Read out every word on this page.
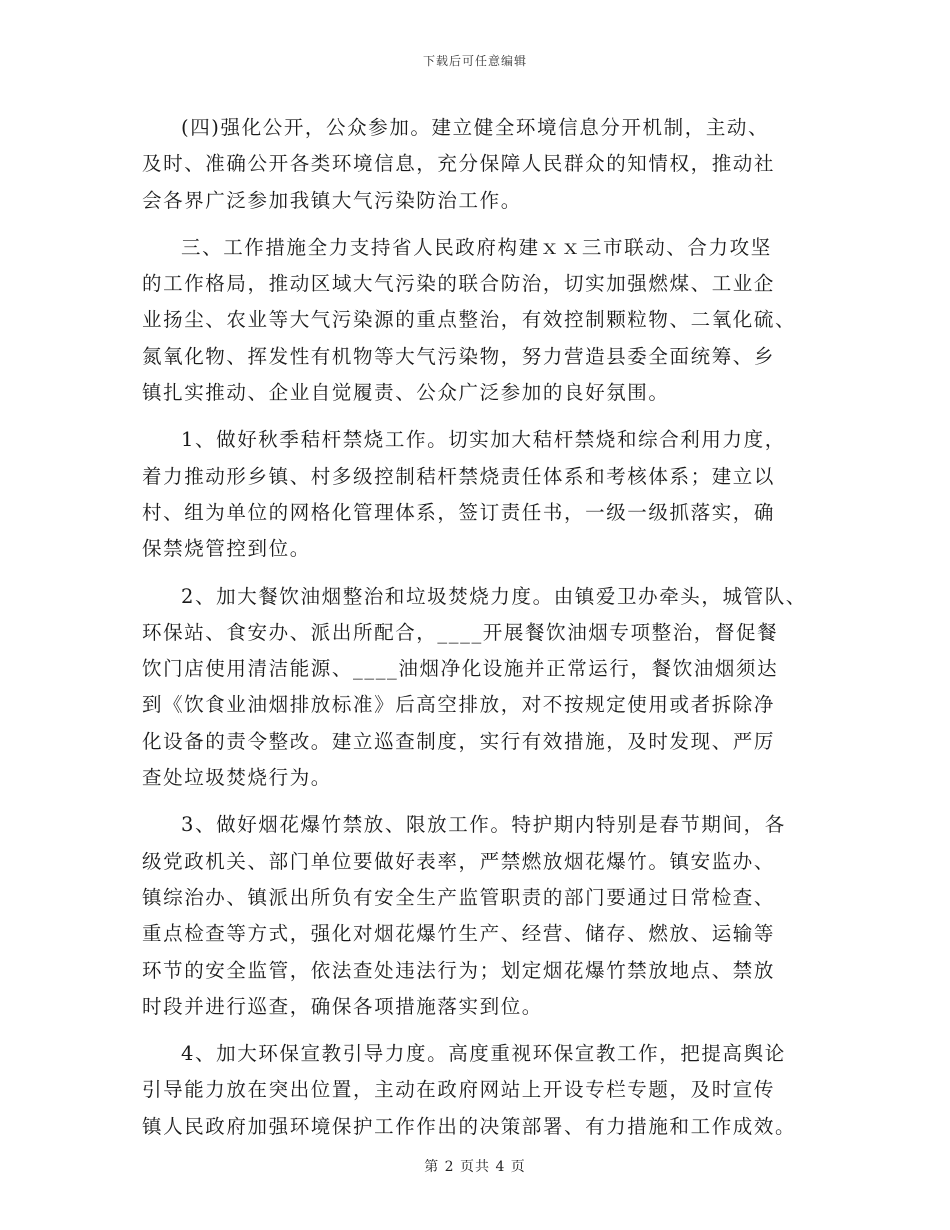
下载后可任意编辑

(四)强化公开，公众参加。建立健全环境信息分开机制，主动、
及时、准确公开各类环境信息，充分保障人民群众的知情权，推动社
会各界广泛参加我镇大气污染防治工作。

三、工作措施全力支持省人民政府构建ｘｘ三市联动、合力攻坚
的工作格局，推动区域大气污染的联合防治，切实加强燃煤、工业企
业扬尘、农业等大气污染源的重点整治，有效控制颗粒物、二氧化硫、
氮氧化物、挥发性有机物等大气污染物，努力营造县委全面统筹、乡
镇扎实推动、企业自觉履责、公众广泛参加的良好氛围。

1、做好秋季秸杆禁烧工作。切实加大秸杆禁烧和综合利用力度，
着力推动形乡镇、村多级控制秸杆禁烧责任体系和考核体系；建立以
村、组为单位的网格化管理体系，签订责任书，一级一级抓落实，确
保禁烧管控到位。

2、加大餐饮油烟整治和垃圾焚烧力度。由镇爱卫办牵头，城管队、
环保站、食安办、派出所配合，____开展餐饮油烟专项整治，督促餐
饮门店使用清洁能源、____油烟净化设施并正常运行，餐饮油烟须达
到《饮食业油烟排放标准》后高空排放，对不按规定使用或者拆除净
化设备的责令整改。建立巡查制度，实行有效措施，及时发现、严厉
查处垃圾焚烧行为。

3、做好烟花爆竹禁放、限放工作。特护期内特别是春节期间，各
级党政机关、部门单位要做好表率，严禁燃放烟花爆竹。镇安监办、
镇综治办、镇派出所负有安全生产监管职责的部门要通过日常检查、
重点检查等方式，强化对烟花爆竹生产、经营、储存、燃放、运输等
环节的安全监管，依法查处违法行为；划定烟花爆竹禁放地点、禁放
时段并进行巡查，确保各项措施落实到位。

4、加大环保宣教引导力度。高度重视环保宣教工作，把提高舆论
引导能力放在突出位置，主动在政府网站上开设专栏专题，及时宣传
镇人民政府加强环境保护工作作出的决策部署、有力措施和工作成效。

第 2 页共 4 页
